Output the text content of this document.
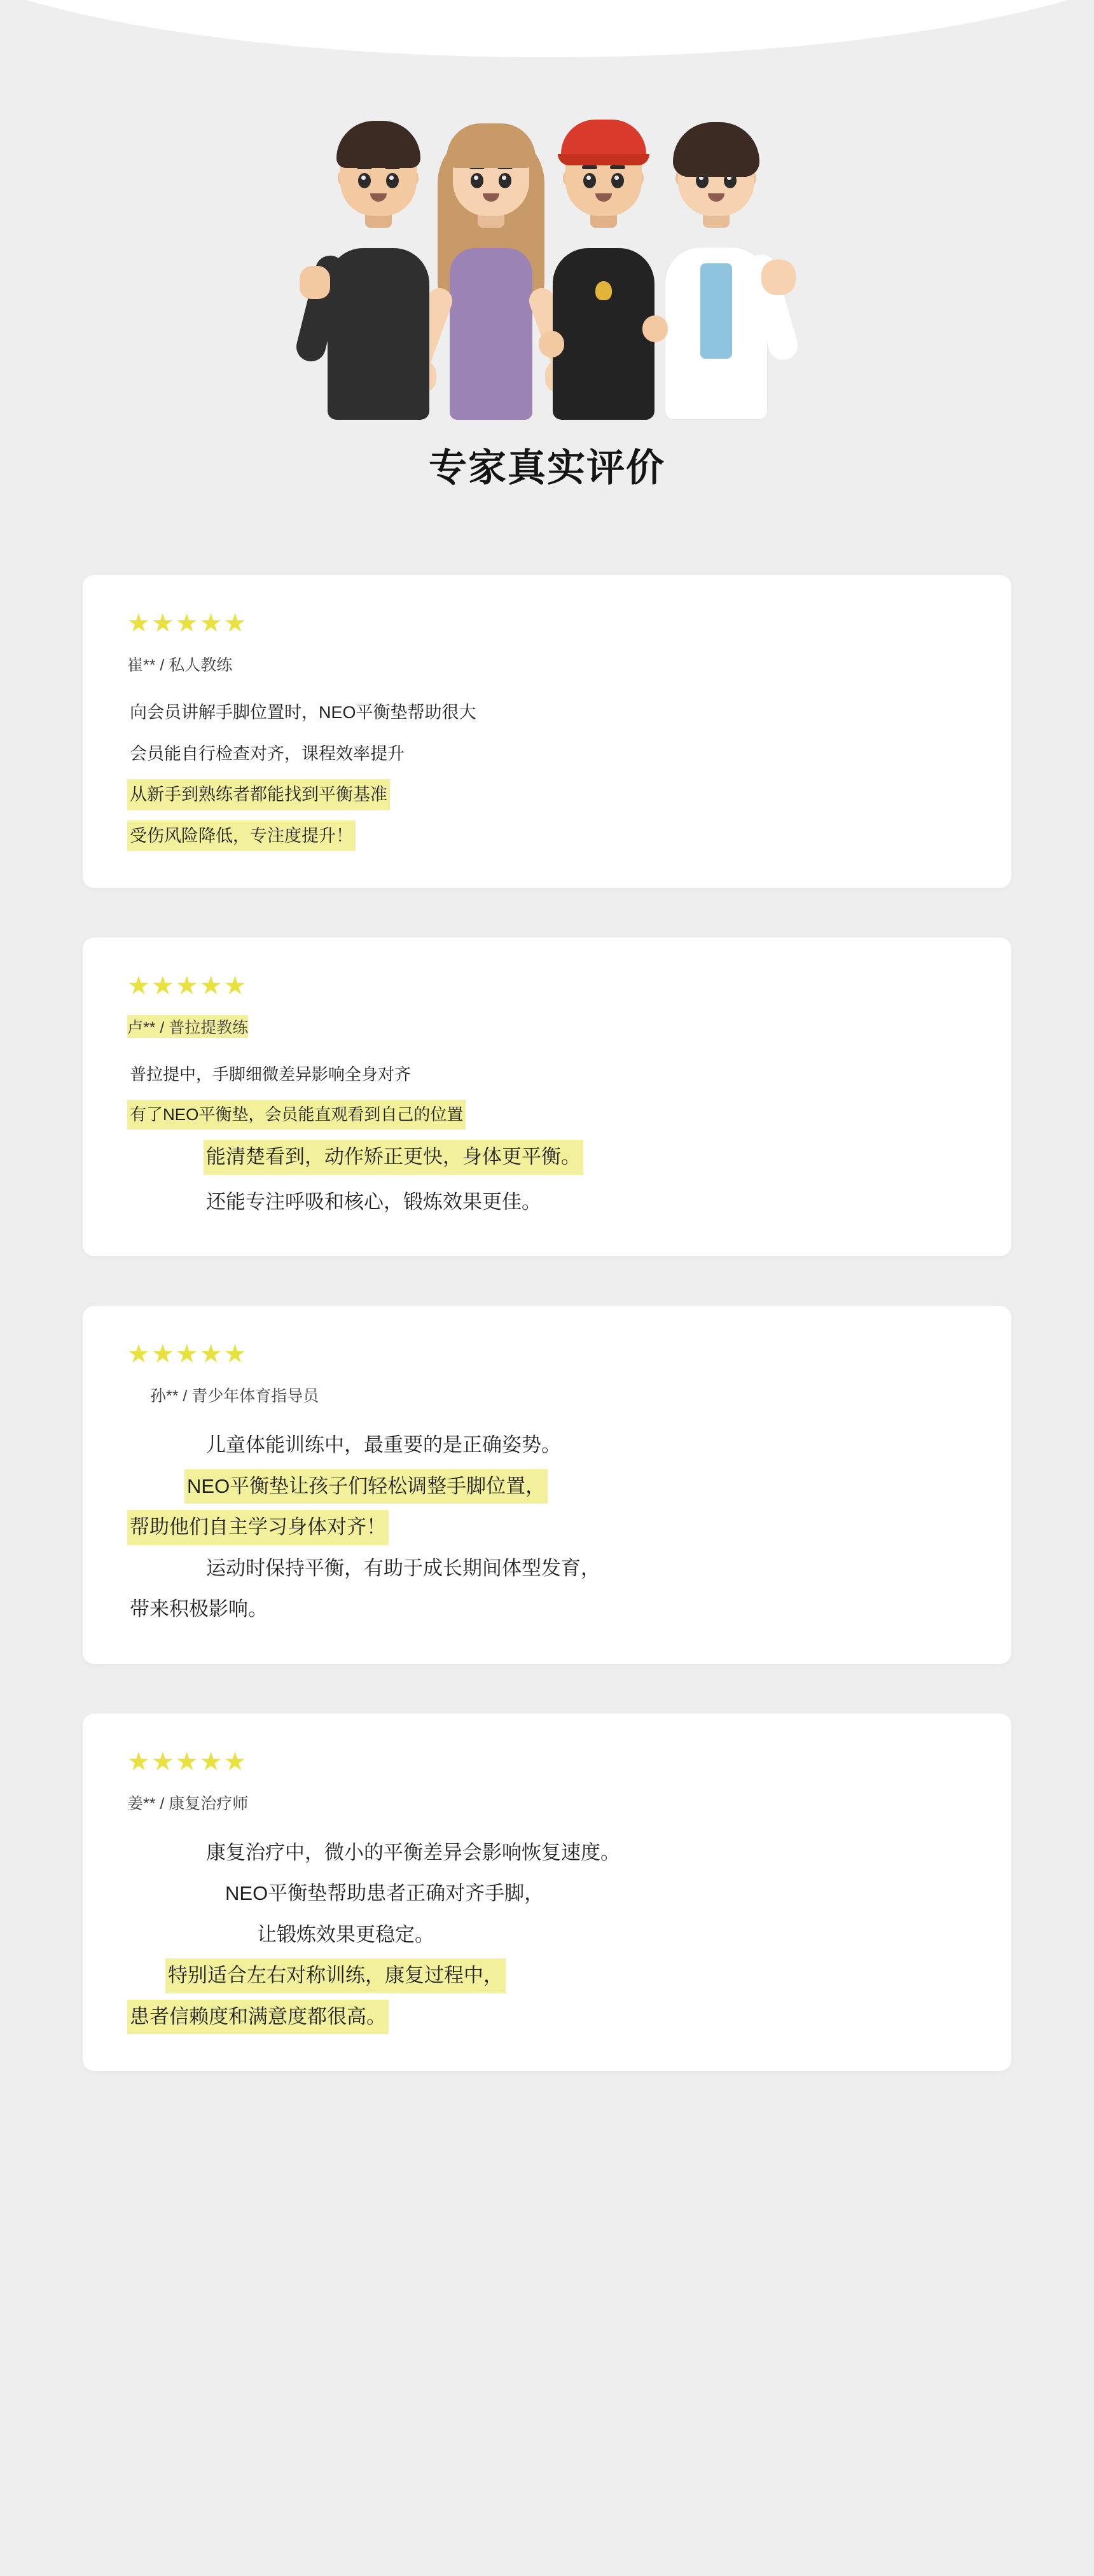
专家真实评价
★★★★★
崔** / 私人教练
向会员讲解手脚位置时，NEO平衡垫帮助很大
会员能自行检查对齐，课程效率提升
从新手到熟练者都能找到平衡基准
受伤风险降低，专注度提升！
★★★★★
卢** / 普拉提教练
普拉提中，手脚细微差异影响全身对齐
有了NEO平衡垫，会员能直观看到自己的位置
能清楚看到，动作矫正更快，身体更平衡。
还能专注呼吸和核心，锻炼效果更佳。
★★★★★
孙** / 青少年体育指导员
儿童体能训练中，最重要的是正确姿势。
NEO平衡垫让孩子们轻松调整手脚位置，
帮助他们自主学习身体对齐！
运动时保持平衡，有助于成长期间体型发育，
带来积极影响。
★★★★★
姜** / 康复治疗师
康复治疗中，微小的平衡差异会影响恢复速度。
NEO平衡垫帮助患者正确对齐手脚，
让锻炼效果更稳定。
特别适合左右对称训练，康复过程中，
患者信赖度和满意度都很高。
